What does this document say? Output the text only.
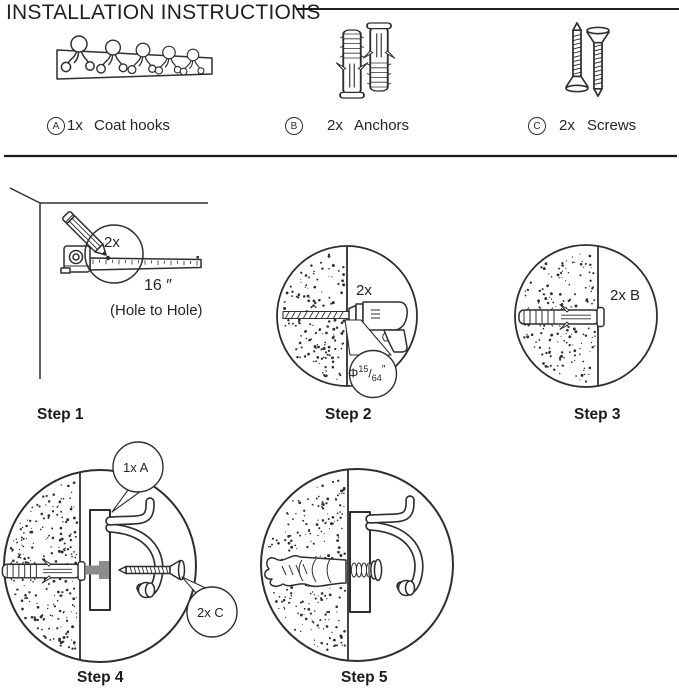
INSTALLATION INSTRUCTIONS
A 1x Coat hooks	B	2x Anchors	C	2x Screws
2x
16 ″
(Hole to Hole)
Step 1
2x
$\Phi^{15}/_{64}''$
Step 2
2x B
Step 3
1x A
2x C
Step 4	Step 5
